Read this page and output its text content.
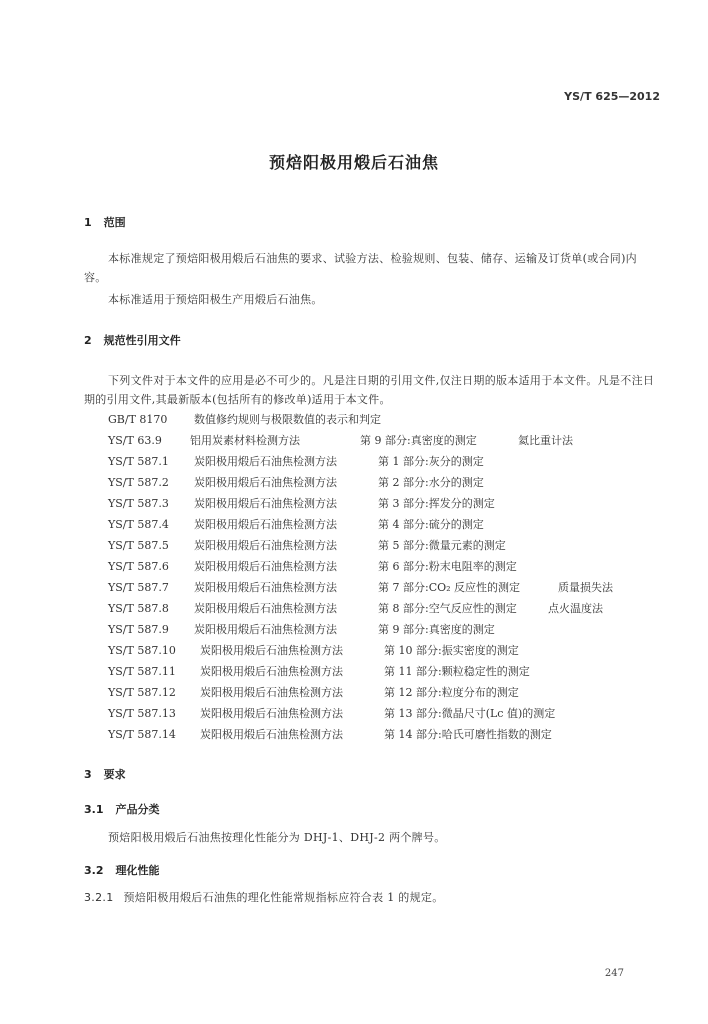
YS/T 625—2012
预焙阳极用煅后石油焦
1 范围
本标准规定了预焙阳极用煅后石油焦的要求、试验方法、检验规则、包装、储存、运输及订货单(或合同)内容。
本标准适用于预焙阳极生产用煅后石油焦。
2 规范性引用文件
下列文件对于本文件的应用是必不可少的。凡是注日期的引用文件,仅注日期的版本适用于本文件。凡是不注日期的引用文件,其最新版本(包括所有的修改单)适用于本文件。
GB/T 8170 数值修约规则与极限数值的表示和判定
YS/T 63.9	铝用炭素材料检测方法	第 9 部分:真密度的测定	氦比重计法
YS/T 587.1 炭阳极用煅后石油焦检测方法	第 1 部分:灰分的测定
YS/T 587.2 炭阳极用煅后石油焦检测方法	第 2 部分:水分的测定
YS/T 587.3 炭阳极用煅后石油焦检测方法	第 3 部分:挥发分的测定
YS/T 587.4 炭阳极用煅后石油焦检测方法	第 4 部分:硫分的测定
YS/T 587.5 炭阳极用煅后石油焦检测方法	第 5 部分:微量元素的测定
YS/T 587.6 炭阳极用煅后石油焦检测方法	第 6 部分:粉末电阻率的测定
YS/T 587.7 炭阳极用煅后石油焦检测方法	第 7 部分:CO₂ 反应性的测定	质量损失法
YS/T 587.8 炭阳极用煅后石油焦检测方法	第 8 部分:空气反应性的测定	点火温度法
YS/T 587.9 炭阳极用煅后石油焦检测方法	第 9 部分:真密度的测定
YS/T 587.10 炭阳极用煅后石油焦检测方法	第 10 部分:振实密度的测定
YS/T 587.11 炭阳极用煅后石油焦检测方法	第 11 部分:颗粒稳定性的测定
YS/T 587.12 炭阳极用煅后石油焦检测方法	第 12 部分:粒度分布的测定
YS/T 587.13 炭阳极用煅后石油焦检测方法	第 13 部分:微晶尺寸(Lc 值)的测定
YS/T 587.14 炭阳极用煅后石油焦检测方法	第 14 部分:哈氏可磨性指数的测定
3 要求
3.1 产品分类
预焙阳极用煅后石油焦按理化性能分为 DHJ-1、DHJ-2 两个牌号。
3.2 理化性能
3.2.1 预焙阳极用煅后石油焦的理化性能常规指标应符合表 1 的规定。
247
